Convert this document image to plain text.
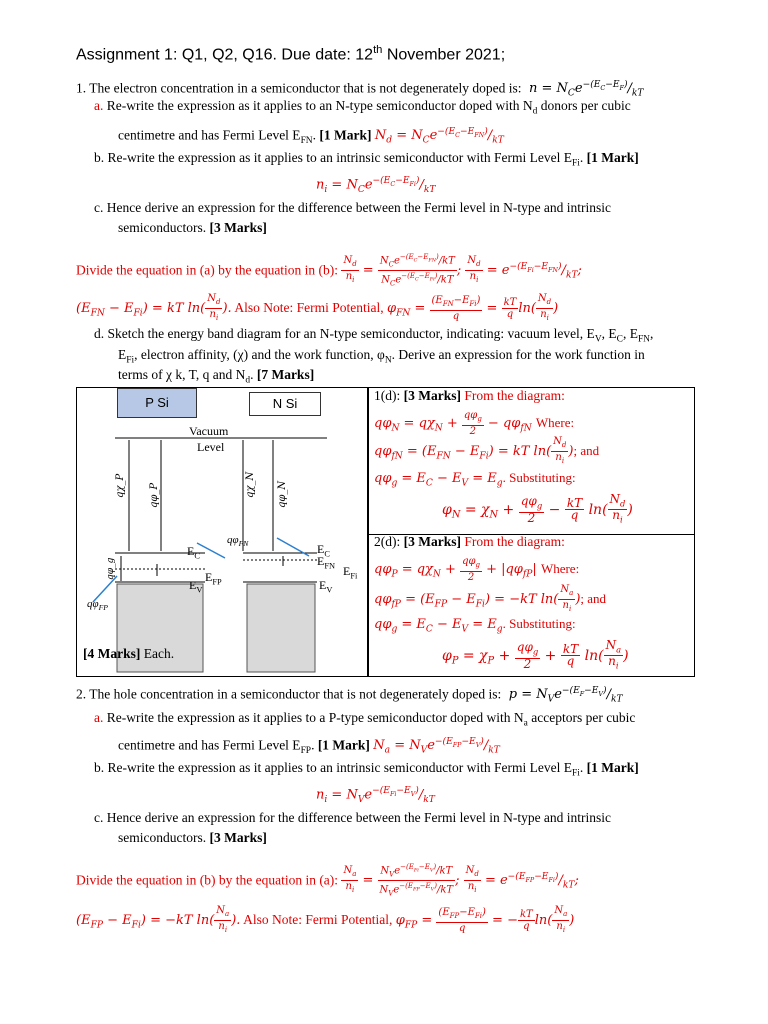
Assignment 1: Q1, Q2, Q16. Due date: 12th November 2021;
1. The electron concentration in a semiconductor that is not degenerately doped is:  $n = N_Ce^{-(E_C-E_F)}/_{kT}$
a. Re-write the expression as it applies to an N-type semiconductor doped with $N_d$ donors per cubic
centimetre and has Fermi Level $E_{FN}$. [1 Mark] $N_d = N_Ce^{-(E_C-E_{FN})}/_{kT}$
b. Re-write the expression as it applies to an intrinsic semiconductor with Fermi Level $E_{Fi}$. [1 Mark]
$n_i = N_Ce^{-(E_C-E_{Fi})}/_{kT}$
c. Hence derive an expression for the difference between the Fermi level in N-type and intrinsic
semiconductors. [3 Marks]
Divide the equation in (a) by the equation in (b): $\frac{N_d}{n_i} = \frac{N_Ce^{-(E_C-E_{FN})}/kT}{N_Ce^{-(E_C-E_{Fi})}/kT}$ ; $\frac{N_d}{n_i} = e^{-(E_{Fi}-E_{FN})}/_{kT}$;
$(E_{FN} - E_{Fi})$ = kT $\ln( \frac{N_d}{n_i}$ ). Also Note: Fermi Potential, $\varphi_{FN} = \frac{(E_{FN}-E_{Fi})}{q} = \frac{kT}{q} \ln( \frac{N_d}{n_i}$ )
d. Sketch the energy band diagram for an N-type semiconductor, indicating: vacuum level, $E_V$, $E_C$, $E_{FN}$,
$E_{Fi}$, electron affinity, (χ) and the work function, $\varphi_N$. Derive an expression for the work function in
terms of χ k, T, q and $N_d$. [7 Marks]
P Si	N Si
qχ_P qφ_P	qχ_N qφ_N
qφ_g
Vacuum
Level
$E_C$
$E_V$
$E_{FP}$
$E_C$
$E_{FN}$ $E_{Fi}$
$E_V$
$q\varphi_{FN}$
$q\varphi_{FP}$
[4 Marks] Each.
1(d): [3 Marks] From the diagram:
$q\varphi_N = q\chi_N + \frac{q\varphi_g}{2} - q\varphi_{fN}$ Where:
$q\varphi_{fN} = (E_{FN} - E_{Fi})$ = kT $\ln( \frac{N_d}{n_i}$ ); and
$q\varphi_g = E_C - E_V = E_g$. Substituting:
$\varphi_N = \chi_N + \frac{q\varphi_g}{2} - \frac{kT}{q} \ln( \frac{N_d}{n_i}$ )
2(d): [3 Marks] From the diagram:
$q\varphi_P = q\chi_N + \frac{q\varphi_g}{2} + |q\varphi_{fP}|$ Where:
$q\varphi_{fP} = (E_{FP} - E_{Fi}) = -kT$ $\ln( \frac{N_a}{n_i}$ ); and
$q\varphi_g = E_C - E_V = E_g$. Substituting:
$\varphi_P = \chi_P + \frac{q\varphi_g}{2} + \frac{kT}{q} \ln( \frac{N_a}{n_i}$ )
2. The hole concentration in a semiconductor that is not degenerately doped is:  $p = N_Ve^{-(E_F-E_V)}/_{kT}$
a. Re-write the expression as it applies to a P-type semiconductor doped with $N_a$ acceptors per cubic
centimetre and has Fermi Level $E_{FP}$. [1 Mark] $N_a = N_Ve^{-(E_{FP}-E_V)}/_{kT}$
b. Re-write the expression as it applies to an intrinsic semiconductor with Fermi Level $E_{Fi}$. [1 Mark]
$n_i = N_Ve^{-(E_{Fi}-E_V)}/_{kT}$
c. Hence derive an expression for the difference between the Fermi level in N-type and intrinsic
semiconductors. [3 Marks]
Divide the equation in (b) by the equation in (a): $\frac{N_a}{n_i} = \frac{N_Ve^{-(E_{Fi}-E_V)}/kT}{N_Ve^{-(E_{FP}-E_V)}/kT}$ ; $\frac{N_d}{n_i} = e^{-(E_{FP}-E_{Fi})}/_{kT}$;
$(E_{FP} - E_{Fi}) = -kT$ $\ln( \frac{N_a}{n_i}$ ). Also Note: Fermi Potential, $\varphi_{FP} = \frac{(E_{FP}-E_{Fi})}{q}$ = − $\frac{kT}{q} \ln( \frac{N_a}{n_i}$ )
